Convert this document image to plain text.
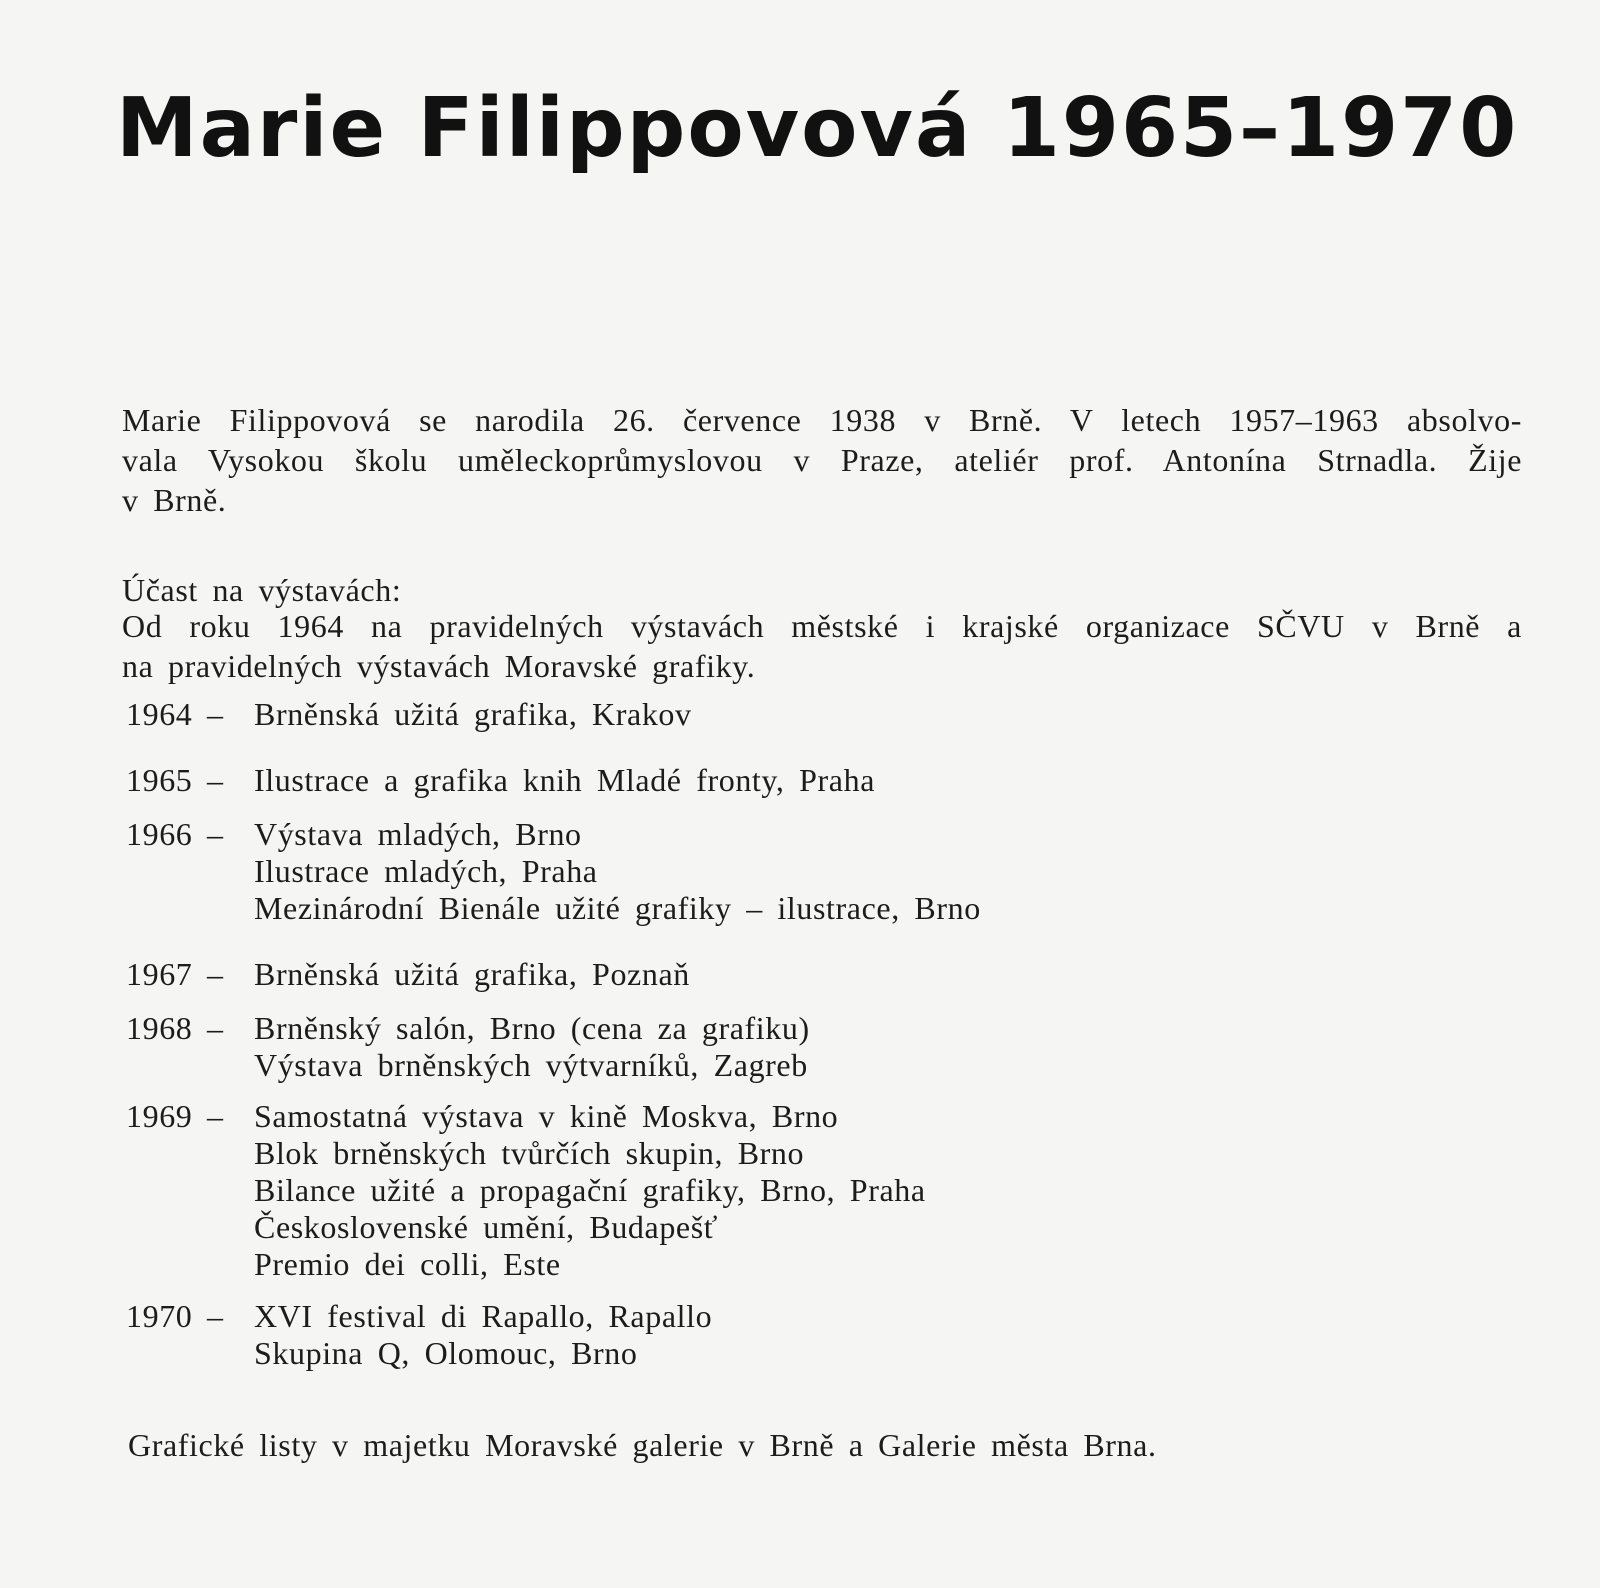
Marie Filippovová 1965–1970
Marie Filippovová se narodila 26. července 1938 v Brně. V letech 1957–1963 absolvo-
vala Vysokou školu uměleckoprůmyslovou v Praze, ateliér prof. Antonína Strnadla. Žije
v Brně.
Účast na výstavách:
Od roku 1964 na pravidelných výstavách městské i krajské organizace SČVU v Brně a
na pravidelných výstavách Moravské grafiky.
1964 – Brněnská užitá grafika, Krakov
1965 – Ilustrace a grafika knih Mladé fronty, Praha
1966 – Výstava mladých, Brno
Ilustrace mladých, Praha
Mezinárodní Bienále užité grafiky – ilustrace, Brno
1967 – Brněnská užitá grafika, Poznaň
1968 – Brněnský salón, Brno (cena za grafiku)
Výstava brněnských výtvarníků, Zagreb
1969 – Samostatná výstava v kině Moskva, Brno
Blok brněnských tvůrčích skupin, Brno
Bilance užité a propagační grafiky, Brno, Praha
Československé umění, Budapešť
Premio dei colli, Este
1970 – XVI festival di Rapallo, Rapallo
Skupina Q, Olomouc, Brno
Grafické listy v majetku Moravské galerie v Brně a Galerie města Brna.
